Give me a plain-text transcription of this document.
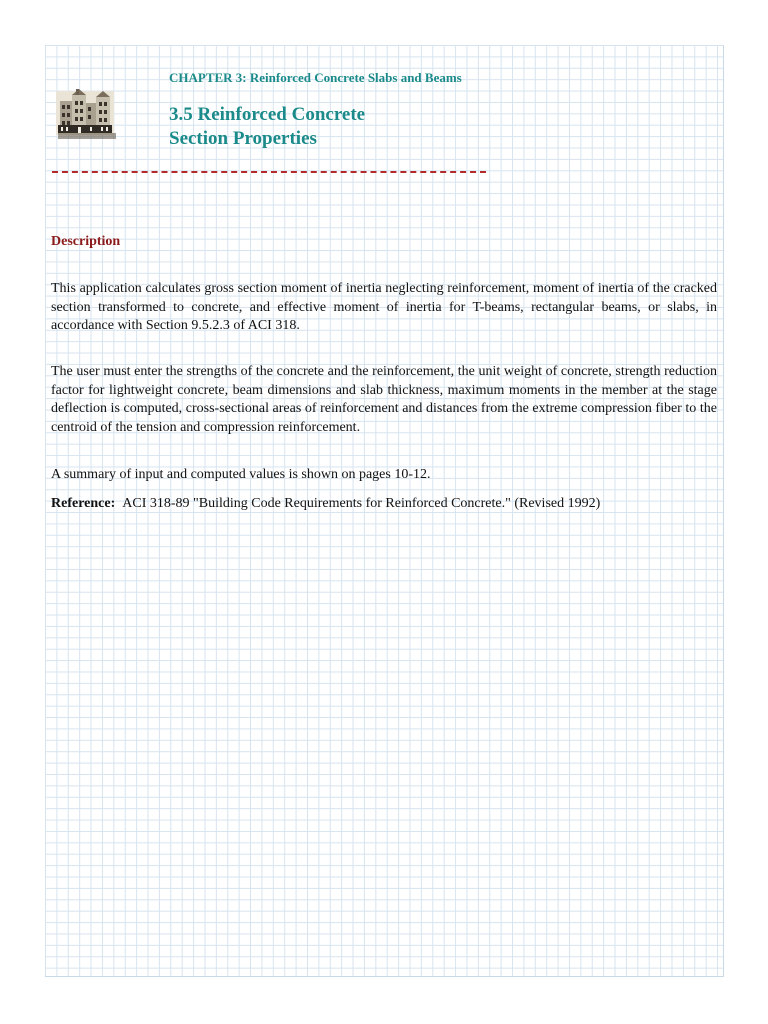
CHAPTER 3: Reinforced Concrete Slabs and Beams
3.5 Reinforced Concrete
Section Properties
Description
This application calculates gross section moment of inertia neglecting reinforcement, moment of inertia of the cracked section transformed to concrete, and effective moment of inertia for T-beams, rectangular beams, or slabs, in accordance with Section 9.5.2.3 of ACI 318.
The user must enter the strengths of the concrete and the reinforcement, the unit weight of concrete, strength reduction factor for lightweight concrete, beam dimensions and slab thickness, maximum moments in the member at the stage deflection is computed, cross-sectional areas of reinforcement and distances from the extreme compression fiber to the centroid of the tension and compression reinforcement.
A summary of input and computed values is shown on pages 10-12.
Reference: ACI 318-89 "Building Code Requirements for Reinforced Concrete." (Revised 1992)
